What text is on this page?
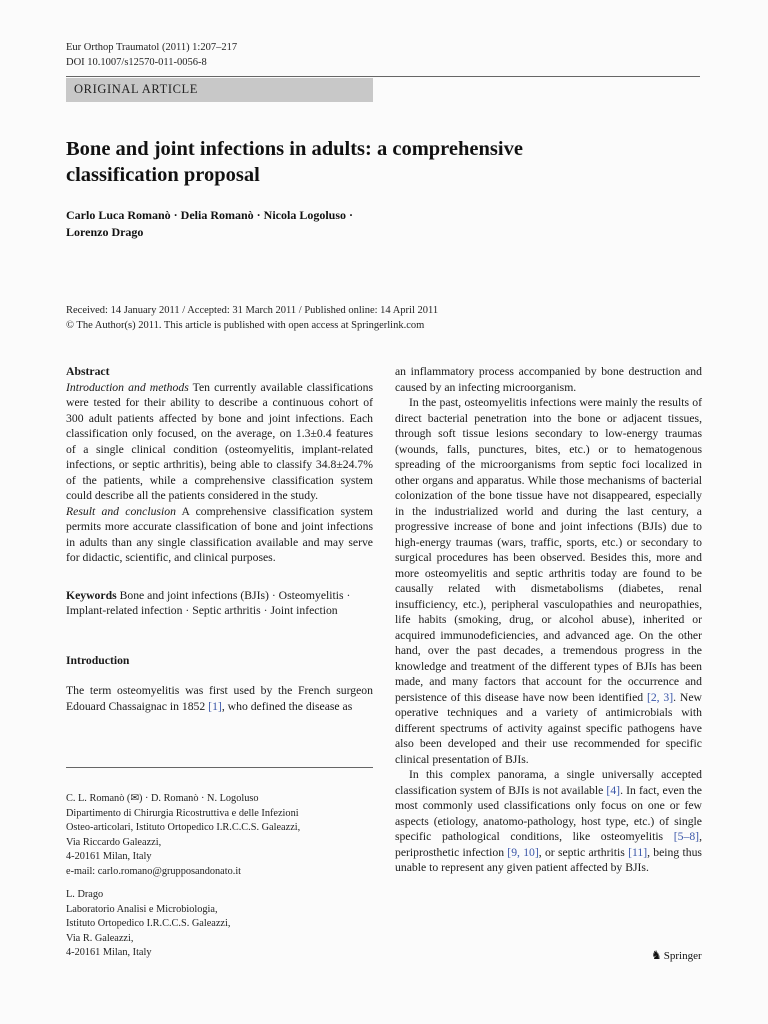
Eur Orthop Traumatol (2011) 1:207–217
DOI 10.1007/s12570-011-0056-8
ORIGINAL ARTICLE
Bone and joint infections in adults: a comprehensive
classification proposal
Carlo Luca Romanò · Delia Romanò · Nicola Logoluso ·
Lorenzo Drago
Received: 14 January 2011 / Accepted: 31 March 2011 / Published online: 14 April 2011
© The Author(s) 2011. This article is published with open access at Springerlink.com

Abstract

Introduction and methods Ten currently available classifications were tested for their ability to describe a continuous cohort of 300 adult patients affected by bone and joint infections. Each classification only focused, on the average, on 1.3±0.4 features of a single clinical condition (osteomyelitis, implant-related infections, or septic arthritis), being able to classify 34.8±24.7% of the patients, while a comprehensive classification system could describe all the patients considered in the study.

Result and conclusion A comprehensive classification system permits more accurate classification of bone and joint infections in adults than any single classification available and may serve for didactic, scientific, and clinical purposes.

Keywords Bone and joint infections (BJIs) · Osteomyelitis · Implant-related infection · Septic arthritis · Joint infection

Introduction

The term osteomyelitis was first used by the French surgeon Edouard Chassaignac in 1852 [1], who defined the disease as

C. L. Romanò (✉) · D. Romanò · N. Logoluso
Dipartimento di Chirurgia Ricostruttiva e delle Infezioni
Osteo-articolari, Istituto Ortopedico I.R.C.C.S. Galeazzi,
Via Riccardo Galeazzi,
4-20161 Milan, Italy
e-mail: carlo.romano@grupposandonato.it
L. Drago
Laboratorio Analisi e Microbiologia,
Istituto Ortopedico I.R.C.C.S. Galeazzi,
Via R. Galeazzi,
4-20161 Milan, Italy

an inflammatory process accompanied by bone destruction and caused by an infecting microorganism.

In the past, osteomyelitis infections were mainly the results of direct bacterial penetration into the bone or adjacent tissues, through soft tissue lesions secondary to low-energy traumas (wounds, falls, punctures, bites, etc.) or to hematogenous spreading of the microorganisms from septic foci localized in other organs and apparatus. While those mechanisms of bacterial colonization of the bone tissue have not disappeared, especially in the industrialized world and during the last century, a progressive increase of bone and joint infections (BJIs) due to high-energy traumas (wars, traffic, sports, etc.) or secondary to surgical procedures has been observed. Besides this, more and more osteomyelitis and septic arthritis today are found to be causally related with dismetabolisms (diabetes, renal insufficiency, etc.), peripheral vasculopathies and neuropathies, life habits (smoking, drug, or alcohol abuse), inherited or acquired immunodeficiencies, and advanced age. On the other hand, over the past decades, a tremendous progress in the knowledge and treatment of the different types of BJIs has been made, and many factors that account for the occurrence and persistence of this disease have now been identified [2, 3]. New operative techniques and a variety of antimicrobials with different spectrums of activity against specific pathogens have also been developed and their use recommended for specific clinical presentation of BJIs.

In this complex panorama, a single universally accepted classification system of BJIs is not available [4]. In fact, even the most commonly used classifications only focus on one or few aspects (etiology, anatomo-pathology, host type, etc.) of single specific pathological conditions, like osteomyelitis [5–8], periprosthetic infection [9, 10], or septic arthritis [11], being thus unable to represent any given patient affected by BJIs.

♞ Springer
